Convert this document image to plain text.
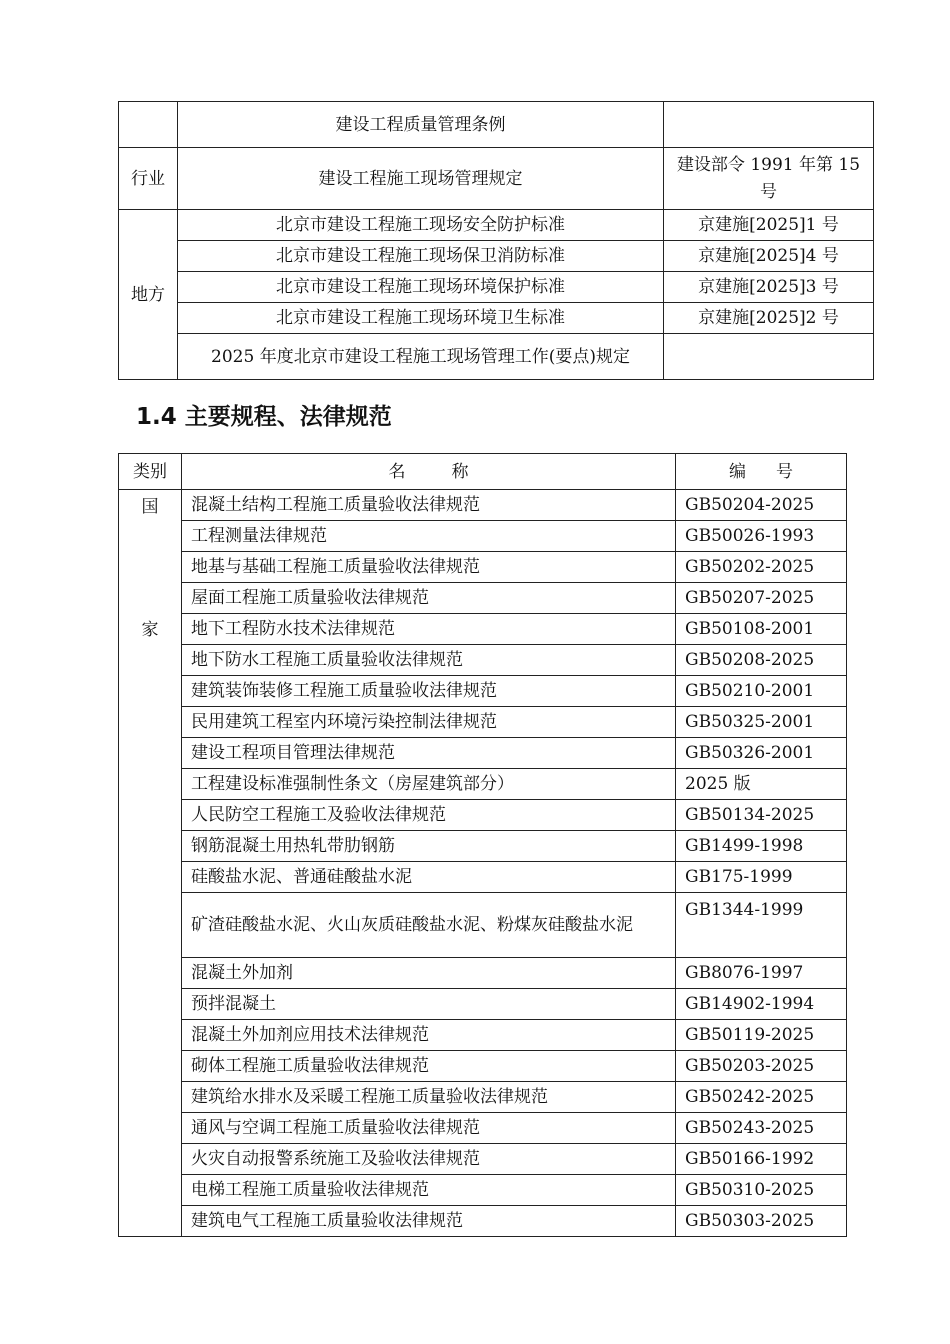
	建设工程质量管理条例	
行业	建设工程施工现场管理规定	建设部令 1991 年第 15 号
地方	北京市建设工程施工现场安全防护标准	京建施[2025]1 号
	北京市建设工程施工现场保卫消防标准	京建施[2025]4 号
	北京市建设工程施工现场环境保护标准	京建施[2025]3 号
	北京市建设工程施工现场环境卫生标准	京建施[2025]2 号
	2025 年度北京市建设工程施工现场管理工作(要点)规定	
1.4 主要规程、法律规范
类别	名 称	编 号

国
家	混凝土结构工程施工质量验收法律规范	GB50204-2025
	工程测量法律规范	GB50026-1993
	地基与基础工程施工质量验收法律规范	GB50202-2025
	屋面工程施工质量验收法律规范	GB50207-2025
	地下工程防水技术法律规范	GB50108-2001
	地下防水工程施工质量验收法律规范	GB50208-2025
	建筑装饰装修工程施工质量验收法律规范	GB50210-2001
	民用建筑工程室内环境污染控制法律规范	GB50325-2001
	建设工程项目管理法律规范	GB50326-2001
	工程建设标准强制性条文（房屋建筑部分）	2025 版
	人民防空工程施工及验收法律规范	GB50134-2025
	钢筋混凝土用热轧带肋钢筋	GB1499-1998
	硅酸盐水泥、普通硅酸盐水泥	GB175-1999
	矿渣硅酸盐水泥、火山灰质硅酸盐水泥、粉煤灰硅酸盐水泥	GB1344-1999
	混凝土外加剂	GB8076-1997
	预拌混凝土	GB14902-1994
	混凝土外加剂应用技术法律规范	GB50119-2025
	砌体工程施工质量验收法律规范	GB50203-2025
	建筑给水排水及采暖工程施工质量验收法律规范	GB50242-2025
	通风与空调工程施工质量验收法律规范	GB50243-2025
	火灾自动报警系统施工及验收法律规范	GB50166-1992
	电梯工程施工质量验收法律规范	GB50310-2025
	建筑电气工程施工质量验收法律规范	GB50303-2025
